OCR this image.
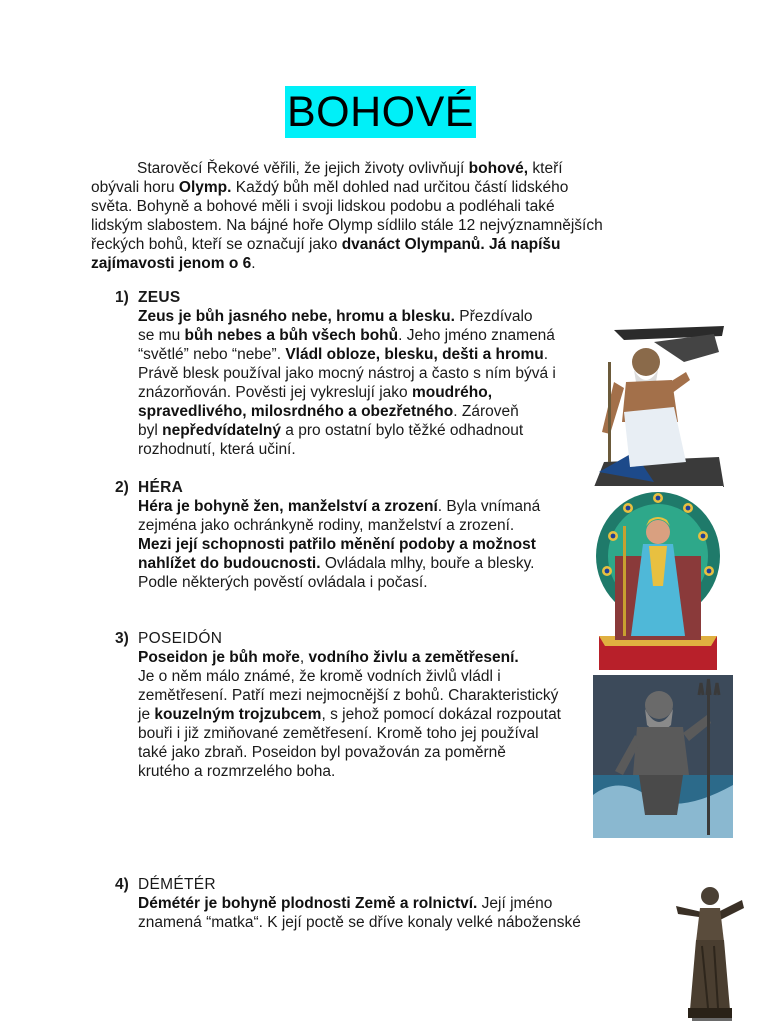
BOHOVÉ
Starověcí Řekové věřili, že jejich životy ovlivňují bohové, kteří
obývali horu Olymp. Každý bůh měl dohled nad určitou částí lidského
světa. Bohyně a bohové měli i svoji lidskou podobu a podléhali také
lidským slabostem. Na bájné hoře Olymp sídlilo stále 12 nejvýznamnějších
řeckých bohů, kteří se označují jako dvanáct Olympanů. Já napíšu
zajímavosti jenom o 6.
1) ZEUS
Zeus je bůh jasného nebe, hromu a blesku. Přezdívalo
se mu bůh nebes a bůh všech bohů. Jeho jméno znamená
“světlé” nebo “nebe”. Vládl obloze, blesku, dešti a hromu.
Právě blesk používal jako mocný nástroj a často s ním bývá i
znázorňován. Pověsti jej vykreslují jako moudrého,
spravedlivého, milosrdného a obezřetného. Zároveň
byl nepředvídatelný a pro ostatní bylo těžké odhadnout
rozhodnutí, která učiní.
2) HÉRA
Héra je bohyně žen, manželství a zrození. Byla vnímaná
zejména jako ochránkyně rodiny, manželství a zrození.
Mezi její schopnosti patřilo měnění podoby a možnost
nahlížet do budoucnosti. Ovládala mlhy, bouře a blesky.
Podle některých pověstí ovládala i počasí.
3) POSEIDÓN
Poseidon je bůh moře, vodního živlu a zemětřesení.
Je o něm málo známé, že kromě vodních živlů vládl i
zemětřesení. Patří mezi nejmocnější z bohů. Charakteristický
je kouzelným trojzubcem, s jehož pomocí dokázal rozpoutat
bouři i již zmiňované zemětřesení. Kromě toho jej používal
také jako zbraň. Poseidon byl považován za poměrně
krutého a rozmrzelého boha.
4) DÉMÉTÉR
Démétér je bohyně plodnosti Země a rolnictví. Její jméno
znamená “matka“. K její poctě se dříve konaly velké náboženské
